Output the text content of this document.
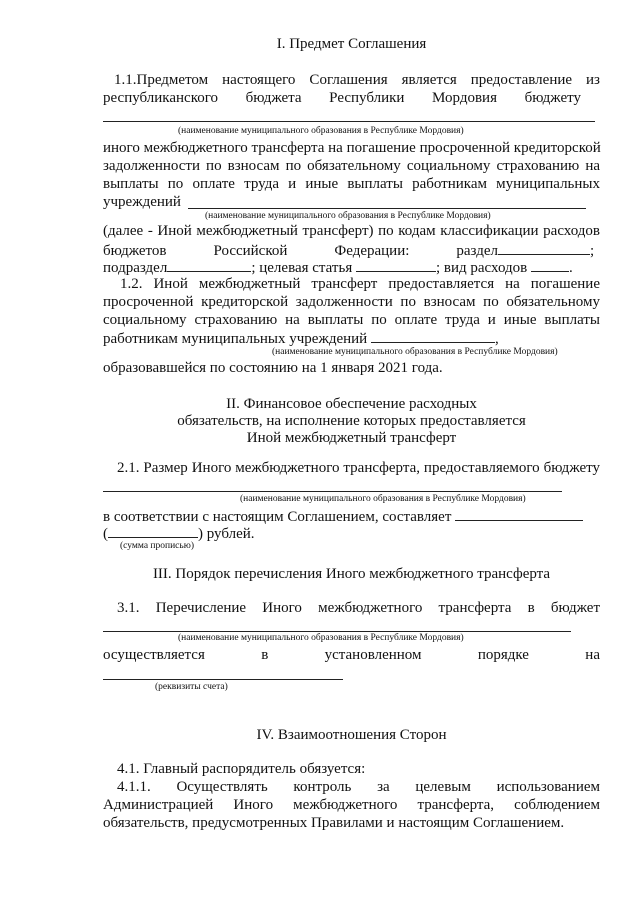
I. Предмет Соглашения
1.1.Предметом настоящего Соглашения является предоставление из
республиканского бюджета Республики Мордовия бюджету
(наименование муниципального образования в Республике Мордовия)
иного межбюджетного трансферта на погашение просроченной кредиторской
задолженности по взносам по обязательному социальному страхованию на
выплаты по оплате труда и иные выплаты работникам муниципальных
учреждений
(наименование муниципального образования в Республике Мордовия)
(далее - Иной межбюджетный трансферт) по кодам классификации расходов
бюджетов Российской Федерации: раздел	;
подраздел	; целевая статья	; вид расходов	.
1.2. Иной межбюджетный трансферт предоставляется на погашение
просроченной кредиторской задолженности по взносам по обязательному
социальному страхованию на выплаты по оплате труда и иные выплаты
работникам муниципальных учреждений	,
(наименование муниципального образования в Республике Мордовия)
образовавшейся по состоянию на 1 января 2021 года.
II. Финансовое обеспечение расходных
обязательств, на исполнение которых предоставляется
Иной межбюджетный трансферт
2.1. Размер Иного межбюджетного трансферта, предоставляемого бюджету
(наименование муниципального образования в Республике Мордовия)
в соответствии с настоящим Соглашением, составляет
(	) рублей.
(сумма прописью)
III. Порядок перечисления Иного межбюджетного трансферта
3.1. Перечисление Иного межбюджетного трансферта в бюджет
(наименование муниципального образования в Республике Мордовия)
осуществляется в установленном порядке на
(реквизиты счета)
IV. Взаимоотношения Сторон
4.1. Главный распорядитель обязуется:
4.1.1. Осуществлять контроль за целевым использованием
Администрацией Иного межбюджетного трансферта, соблюдением
обязательств, предусмотренных Правилами и настоящим Соглашением.
